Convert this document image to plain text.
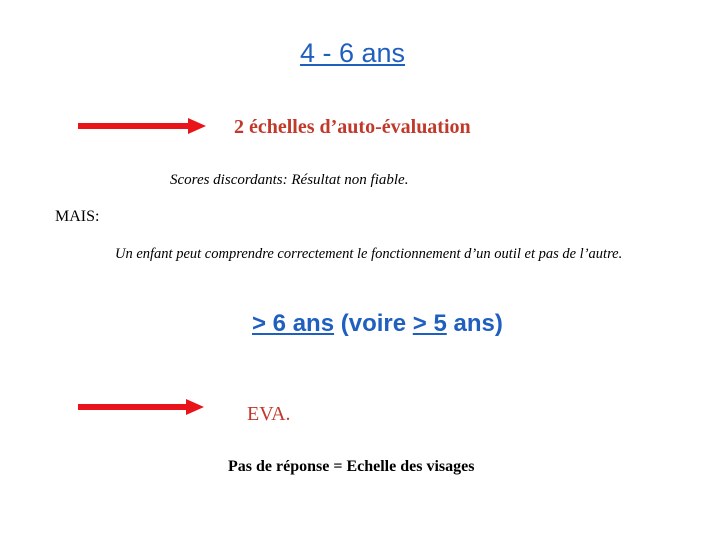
4 - 6 ans
2 échelles d’auto-évaluation
Scores discordants: Résultat non fiable.
MAIS:
Un enfant peut comprendre correctement le fonctionnement d’un outil et pas de l’autre.
> 6 ans (voire > 5 ans)
EVA.
Pas de réponse = Echelle des visages
